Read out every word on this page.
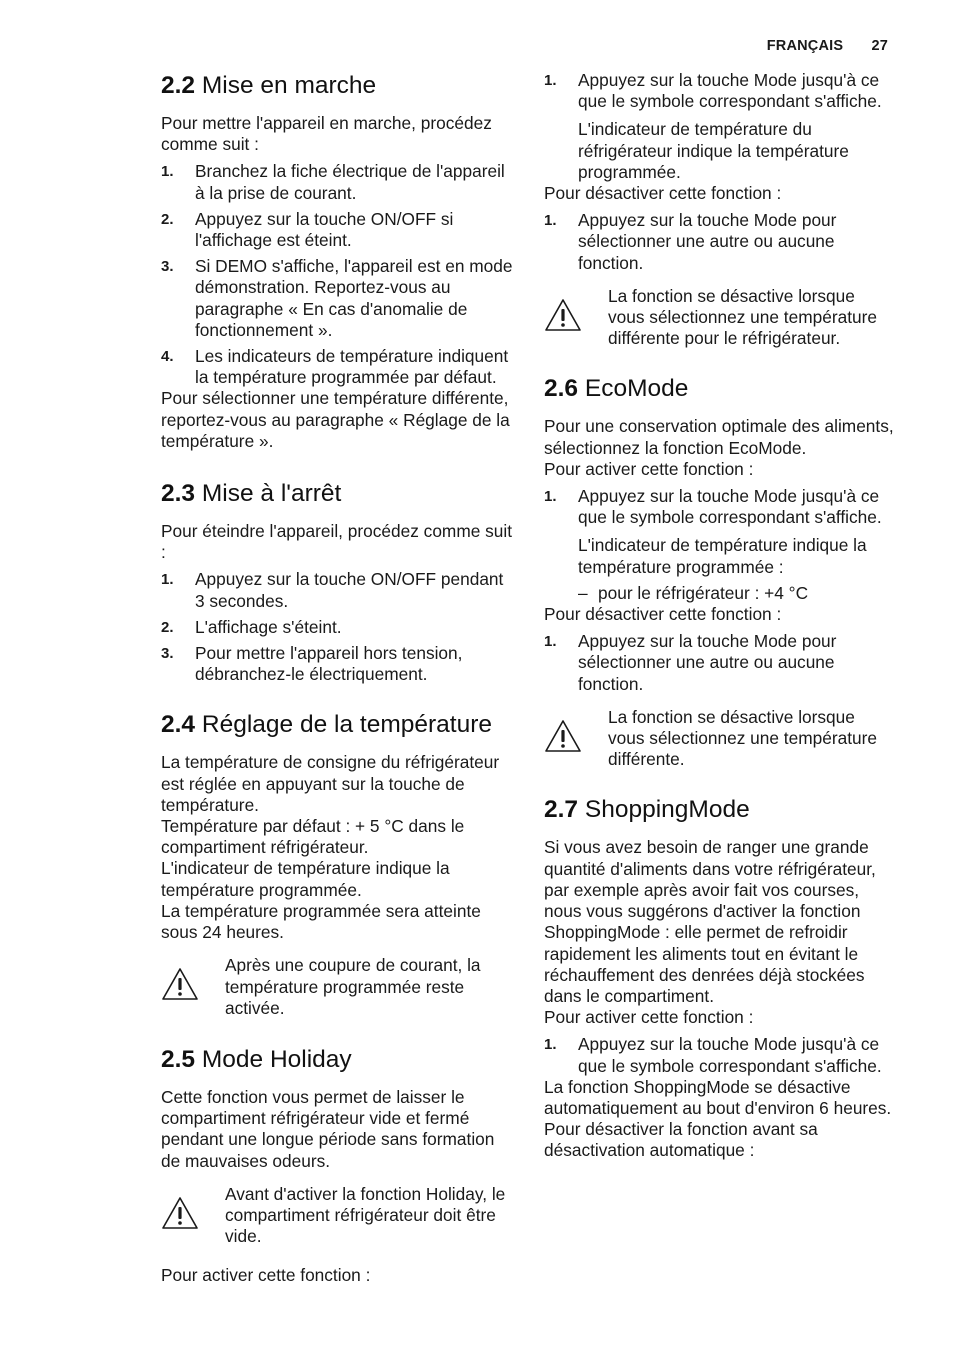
FRANÇAIS 27
2.2 Mise en marche

Pour mettre l'appareil en marche, procédez comme suit :

1. Branchez la fiche électrique de l'appareil à la prise de courant.
2. Appuyez sur la touche ON/OFF si l'affichage est éteint.
3. Si DEMO s'affiche, l'appareil est en mode démonstration. Reportez-vous au paragraphe « En cas d'anomalie de fonctionnement ».
4. Les indicateurs de température indiquent la température programmée par défaut.

Pour sélectionner une température différente, reportez-vous au paragraphe « Réglage de la température ».

2.3 Mise à l'arrêt

Pour éteindre l'appareil, procédez comme suit :

1. Appuyez sur la touche ON/OFF pendant 3 secondes.
2. L'affichage s'éteint.
3. Pour mettre l'appareil hors tension, débranchez-le électriquement.
2.4 Réglage de la température

La température de consigne du réfrigérateur est réglée en appuyant sur la touche de température.

Température par défaut : + 5 °C dans le compartiment réfrigérateur.

L'indicateur de température indique la température programmée.

La température programmée sera atteinte sous 24 heures.

Après une coupure de courant, la température programmée reste activée.
2.5 Mode Holiday

Cette fonction vous permet de laisser le compartiment réfrigérateur vide et fermé pendant une longue période sans formation de mauvaises odeurs.

Avant d'activer la fonction Holiday, le compartiment réfrigérateur doit être vide.

Pour activer cette fonction :

1. Appuyez sur la touche Mode jusqu'à ce que le symbole correspondant s'affiche.

L'indicateur de température du réfrigérateur indique la température programmée.

Pour désactiver cette fonction :

1. Appuyez sur la touche Mode pour sélectionner une autre ou aucune fonction.
La fonction se désactive lorsque vous sélectionnez une température différente pour le réfrigérateur.
2.6 EcoMode

Pour une conservation optimale des aliments, sélectionnez la fonction EcoMode.

Pour activer cette fonction :

1. Appuyez sur la touche Mode jusqu'à ce que le symbole correspondant s'affiche.

L'indicateur de température indique la température programmée :

– pour le réfrigérateur : +4 °C

Pour désactiver cette fonction :

1. Appuyez sur la touche Mode pour sélectionner une autre ou aucune fonction.
La fonction se désactive lorsque vous sélectionnez une température différente.
2.7 ShoppingMode

Si vous avez besoin de ranger une grande quantité d'aliments dans votre réfrigérateur, par exemple après avoir fait vos courses, nous vous suggérons d'activer la fonction ShoppingMode : elle permet de refroidir rapidement les aliments tout en évitant le réchauffement des denrées déjà stockées dans le compartiment.

Pour activer cette fonction :

1. Appuyez sur la touche Mode jusqu'à ce que le symbole correspondant s'affiche.

La fonction ShoppingMode se désactive automatiquement au bout d'environ 6 heures.

Pour désactiver la fonction avant sa désactivation automatique :
